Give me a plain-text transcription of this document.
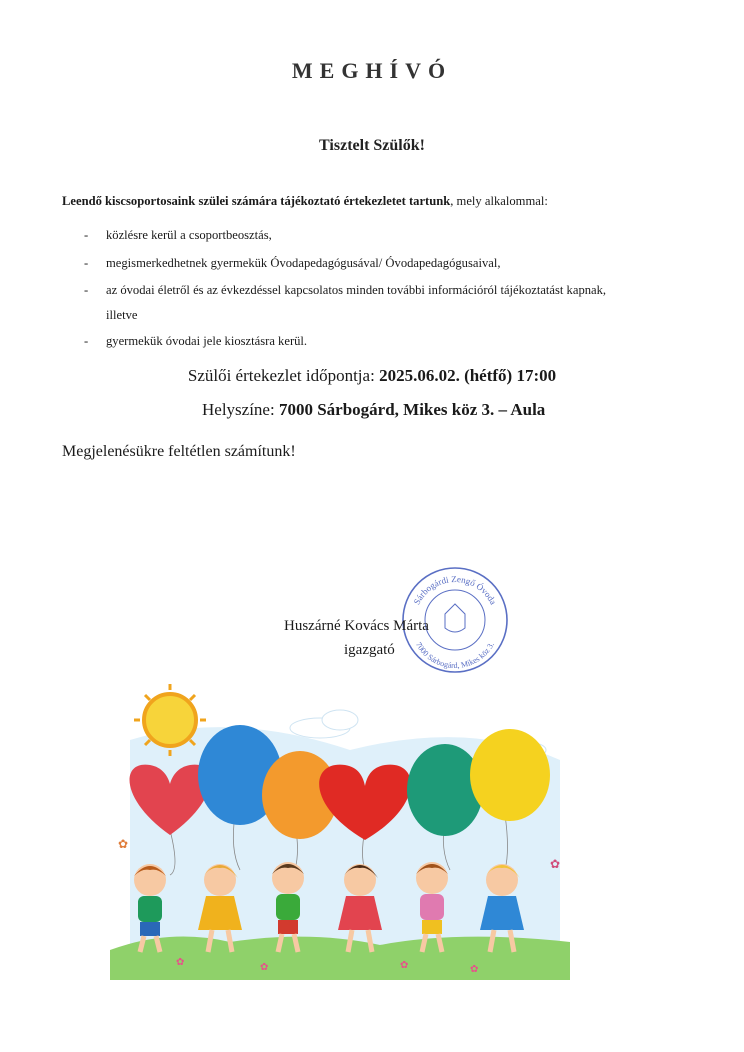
MEGHÍVÓ
Tisztelt Szülők!
Leendő kiscsoportosaink szülei számára tájékoztató értekezletet tartunk, mely alkalommal:
- közlésre kerül a csoportbeosztás,
- megismerkedhetnek gyermekük Óvodapedagógusával/ Óvodapedagógusaival,
- az óvodai életről és az évkezdéssel kapcsolatos minden további információról tájékoztatást kapnak,
illetve
- gyermekük óvodai jele kiosztásra kerül.
Szülői értekezlet időpontja: 2025.06.02. (hétfő) 17:00
Helyszíne: 7000 Sárbogárd, Mikes köz 3. – Aula
Megjelenésükre feltétlen számítunk!
Sárbogárdi Zengő Óvoda
7000 Sárbogárd, Mikes köz 3.
Huszárné Kovács Márta
igazgató
✿
✿
✿	✿	✿	✿
